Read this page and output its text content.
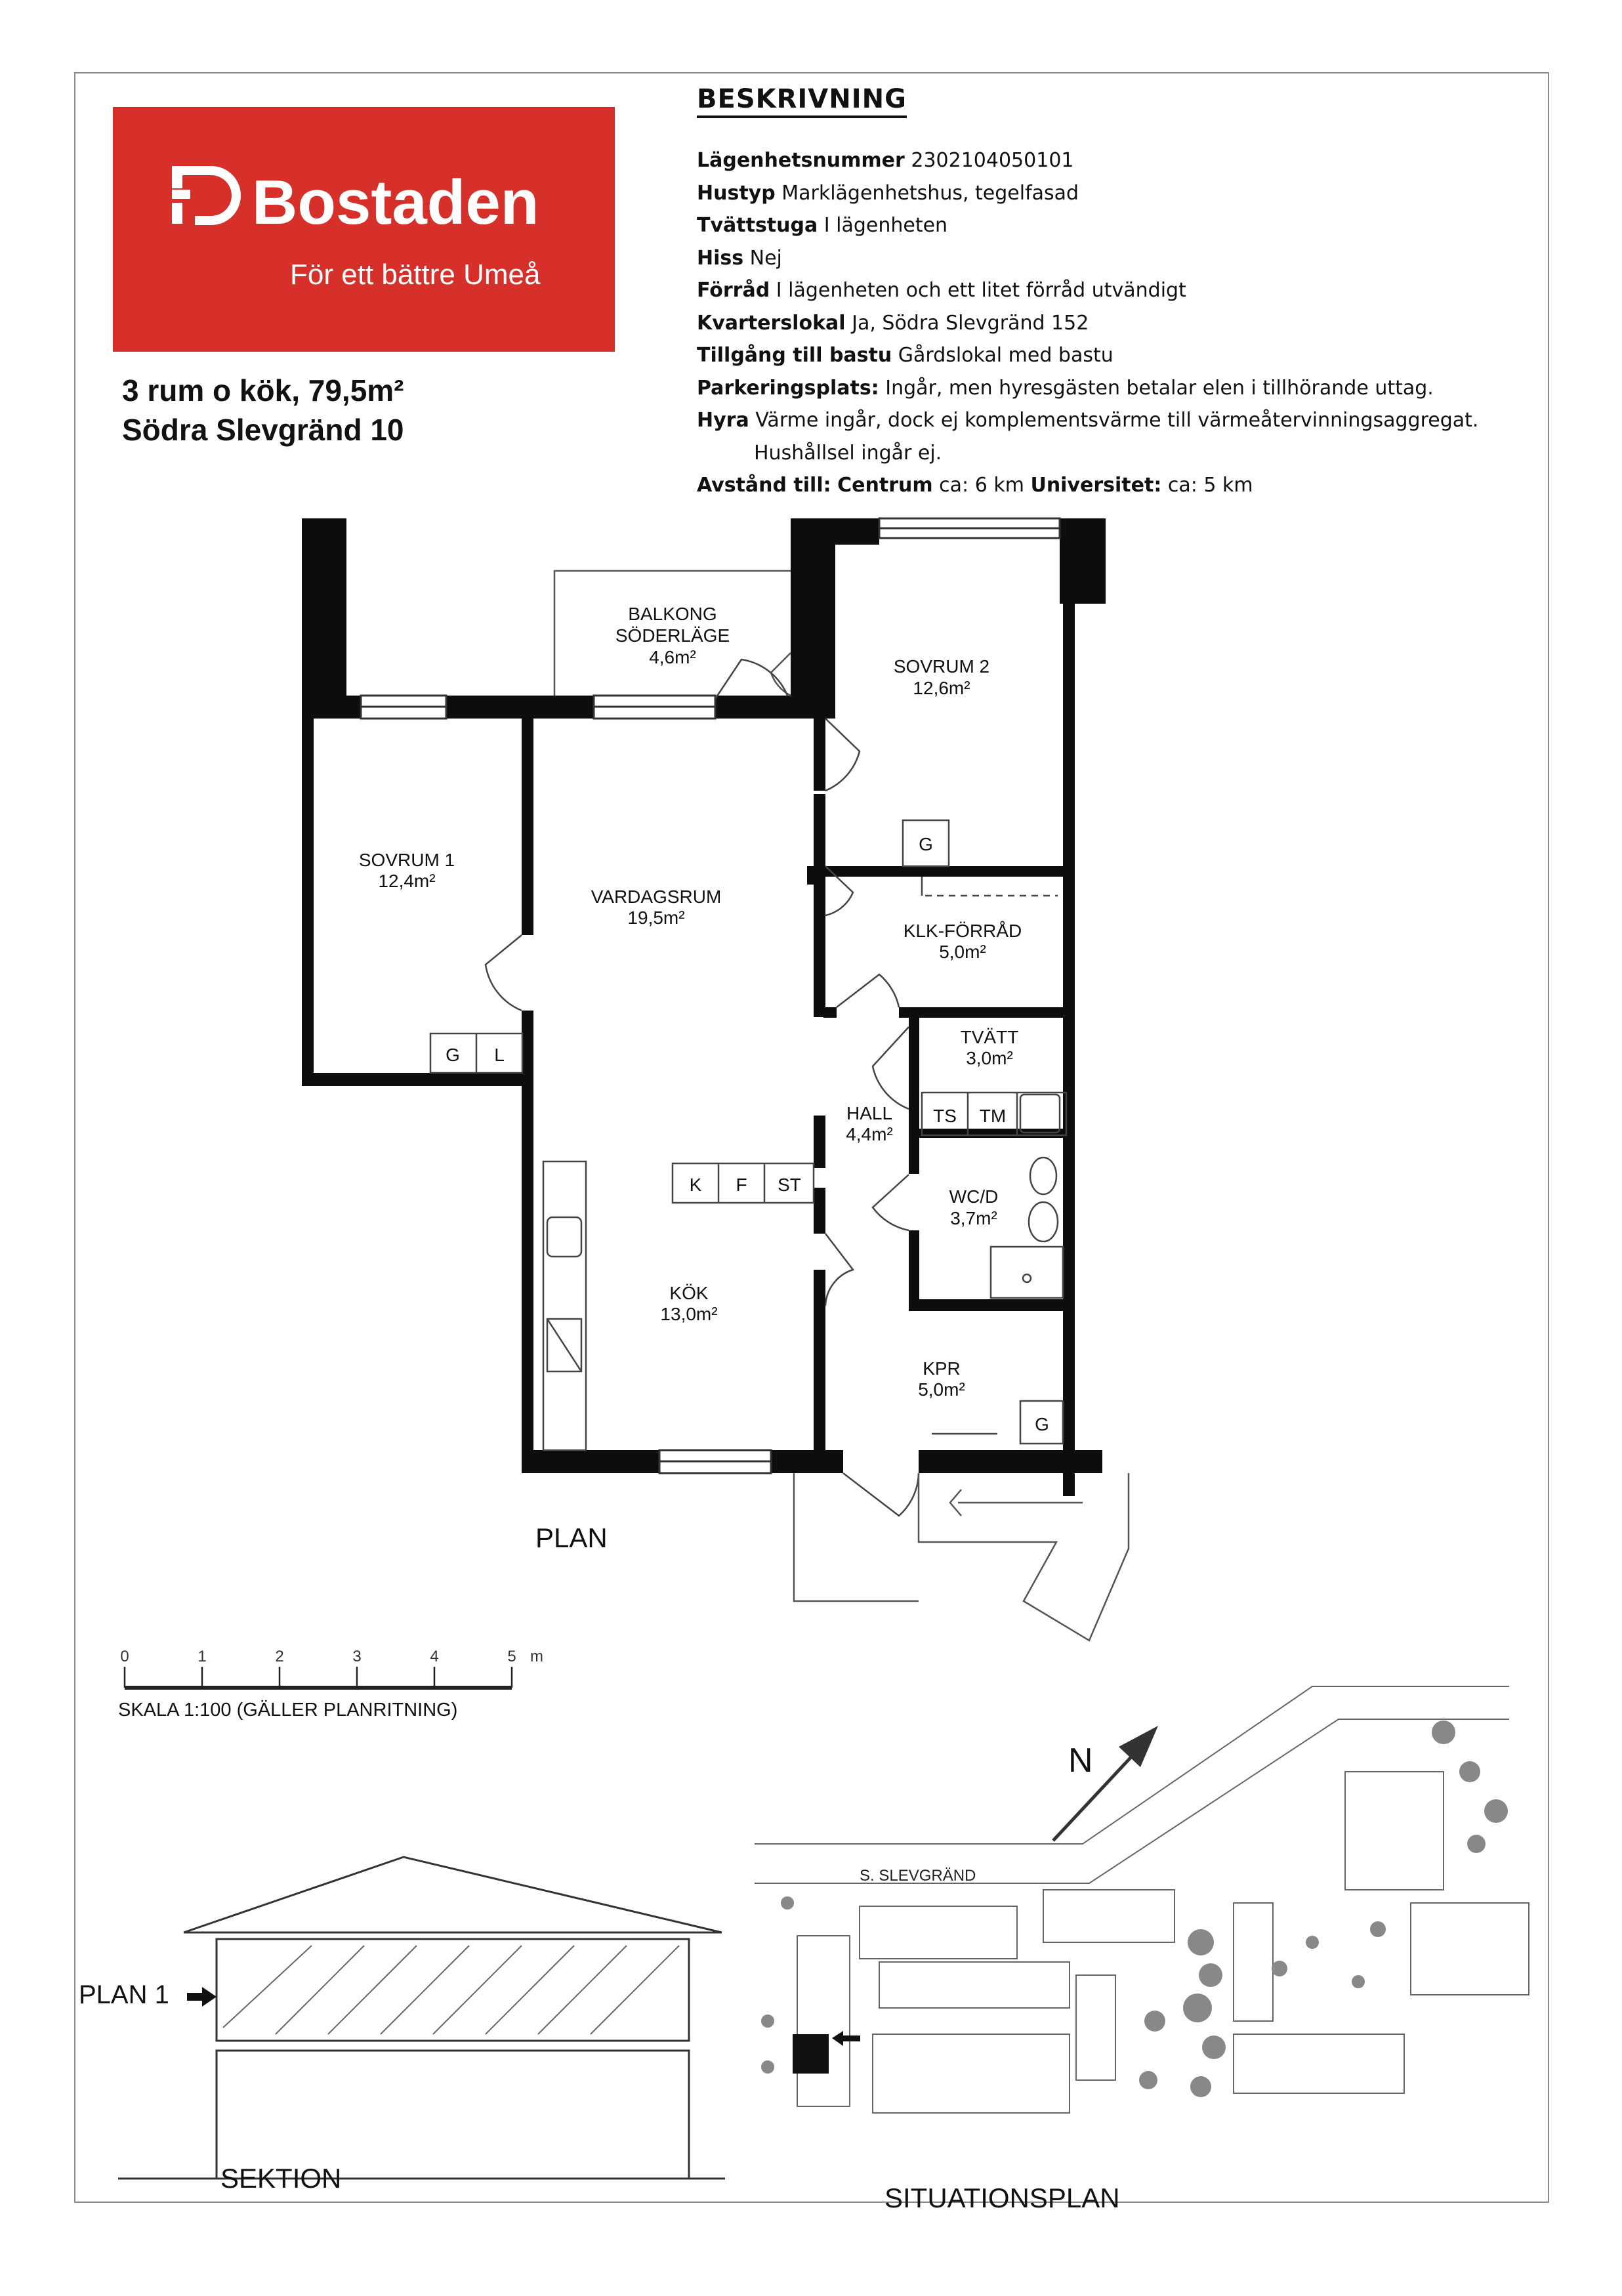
Bostaden
För ett bättre Umeå
3 rum o kök, 79,5m²
Södra Slevgränd 10
BESKRIVNING
Lägenhetsnummer 2302104050101
Hustyp Marklägenhetshus, tegelfasad
Tvättstuga I lägenheten
Hiss Nej
Förråd I lägenheten och ett litet förråd utvändigt
Kvarterslokal Ja, Södra Slevgränd 152
Tillgång till bastu Gårdslokal med bastu
Parkeringsplats: Ingår, men hyresgästen betalar elen i tillhörande uttag.
Hyra Värme ingår, dock ej komplementsvärme till värmeåtervinningsaggregat.
Hushållsel ingår ej.
Avstånd till: Centrum ca: 6 km Universitet: ca: 5 km
BALKONG
SÖDERLÄGE
4,6m²	SOVRUM 2
12,6m²
SOVRUM 1
12,4m²
VARDAGSRUM
19,5m²
KLK-FÖRRÅD
5,0m²
TVÄTT
3,0m²
HALL
4,4m²
WC/D
3,7m²
KÖK
13,0m²
KPR
5,0m²
G
G L
K F ST
TS TM
G
0	1	2	3	4	5 m
N
S. SLEVGRÄND
PLAN
SKALA 1:100 (GÄLLER PLANRITNING)
PLAN 1
SEKTION
SITUATIONSPLAN
